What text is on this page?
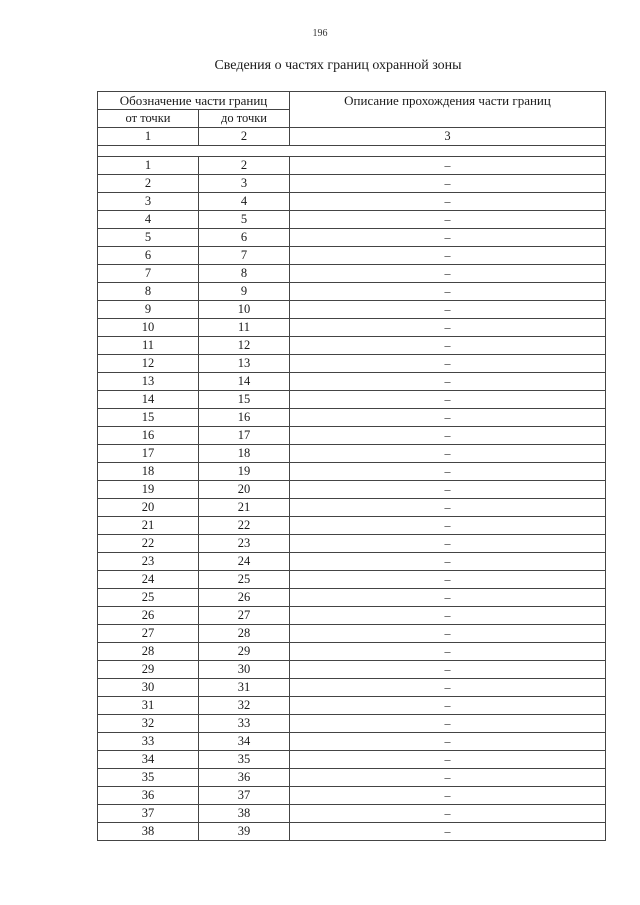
196
Сведения о частях границ охранной зоны
Обозначение части границ		Описание прохождения части границ
от точки	до точки	
1	2	3

1	2	–
2	3	–
3	4	–
4	5	–
5	6	–
6	7	–
7	8	–
8	9	–
9	10	–
10	11	–
11	12	–
12	13	–
13	14	–
14	15	–
15	16	–
16	17	–
17	18	–
18	19	–
19	20	–
20	21	–
21	22	–
22	23	–
23	24	–
24	25	–
25	26	–
26	27	–
27	28	–
28	29	–
29	30	–
30	31	–
31	32	–
32	33	–
33	34	–
34	35	–
35	36	–
36	37	–
37	38	–
38	39	–
